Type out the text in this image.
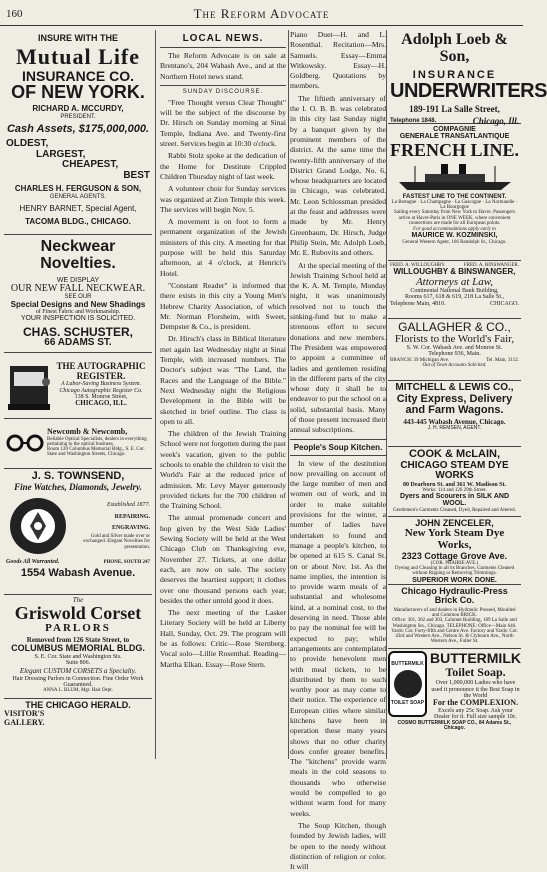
160	The Reform Advocate
INSURE WITH THE
Mutual Life
INSURANCE CO.
OF NEW YORK.
RICHARD A. MCCURDY,
PRESIDENT.
Cash Assets, $175,000,000.
OLDEST,
LARGEST,
CHEAPEST,
BEST
CHARLES H. FERGUSON & SON,
GENERAL AGENTS.
HENRY BARNET, Special Agent,
TACOMA BLDG., CHICAGO.
Neckwear Novelties.
WE DISPLAY
OUR NEW FALL NECKWEAR.
SEE OUR
Special Designs and New Shadings
of Finest Fabric and Workmanship.
YOUR INSPECTION IS SOLICITED.
CHAS. SCHUSTER,
66 ADAMS ST.
THE AUTOGRAPHIC
REGISTER.
A Labor-Saving Business System.
Chicago Autographic Register Co.
138 S. Monroe Street,
CHICAGO, ILL.
Newcomb & Newcomb,
Reliable Optical Specialists, dealers in everything pertaining to the optical business.
Room 120 Columbus Memorial Bldg., S. E. Cor. State and Washington Streets, Chicago.
J. S. TOWNSEND,
Fine Watches, Diamonds, Jewelry.
Established 1877.
REPAIRING.
ENGRAVING.
Gold and Silver made over or exchanged. Elegant Novelties for presentation.
Goods All Warranted.	PHONE, SOUTH 247
1554 Wabash Avenue.
The
Griswold Corset
PARLORS
Removed from 126 State Street, to
COLUMBUS MEMORIAL BLDG.
S. E. Cor. State and Washington Sts.
Suite 806.
Elegant CUSTOM CORSETS a Specialty.
Hair Dressing Parlors in Connection. Fine Order Work Guaranteed.
ANNA L. BLUM, Mgr. Hair Dept.
THE CHICAGO HERALD.
VISITOR'S
GALLERY.
LOCAL NEWS.

The Reform Advocate is on sale at Brentano's, 204 Wabash Ave., and at the Northern Hotel news stand.

SUNDAY DISCOURSE.

"Free Thought versus Clear Thought" will be the subject of the discourse by Dr. Hirsch on Sunday morning at Sinai Temple, Indiana Ave. and Twenty-first street. Services begin at 10:30 o'clock.

Rabbi Stolz spoke at the dedication of the Home for Destitute Crippled Children Thursday night of last week.

A volunteer choir for Sunday services was organized at Zion Temple this week. The services will begin Nov. 5.

A movement is on foot to form a permanent organization of the Jewish ministers of this city. A meeting for that purpose will be held this Saturday afternoon, at 4 o'clock, at Henrici's Hotel.

"Constant Reader" is informed that there exists in this city a Young Men's Hebrew Charity Association, of which Mr. Norman Florsheim, with Sweet, Dempster & Co., is president.

Dr. Hirsch's class in Biblical literature met again last Wednesday night at Sinai Temple, with increased numbers. The Doctor's subject was "The Land, the Races and the Language of the Bible." Next Wednesday night the Religious Development in the Bible will be sketched in brief outline. The class is open to all.

The children of the Jewish Training School were not forgotten during the past week's vacation, given to the public schools to enable the children to visit the World's Fair at the reduced price of admission. Mr. Levy Mayer generously provided tickets for the 700 children of the Training School.

The annual promenade concert and hop given by the West Side Ladies' Sewing Society will be held at the West Chicago Club on Thanksgiving eve, November 27. Tickets, at one dollar each, are now on sale. The society deserves the heartiest support; it clothes over one thousand persons each year, besides the other untold good it does.

The next meeting of the Lasker Literary Society will be held at Liberty Hall, Sunday, Oct. 29. The program will be as follows: Critic—Rose Sternberg. Vocal solo—Lillie Rosenthal. Reading—Martha Elkan. Essay—Rose Stern.

Piano Duet—H. and L. Rosenthal. Recitation—Mrs. Samuels. Essay—Emma Witkowsky. Essay—H. Goldberg. Quotations by members.

The fiftieth anniversary of the I. O. B. B. was celebrated in this city last Sunday night by a banquet given by the prominent members of the district. At the same time the twenty-fifth anniversary of the District Grand Lodge, No. 6, whose headquarters are located in Chicago, was celebrated. Mr. Leon Schlossman presided at the feast and addresses were made by Mr. Henry Greenbaum, Dr. Hirsch, Judge Philip Stein, Mr. Adolph Loeb, Mr. E. Rubovits and others.

At the special meeting of the Jewish Training School held at the K. A. M. Temple, Monday night, it was unanimously resolved not to touch the sinking-fund but to make a strenuous effort to secure donations and new members. The President was empowered to appoint a committee of ladies and gentlemen residing in the different parts of the city whose duty it shall be to endeavor to put the school on a solid, substantial basis. Many of those present increased their annual subscriptions.

People's Soup Kitchen.

In view of the destitution now prevailing on account of the large number of men and women out of work, and in order to make suitable provisions for the winter, a number of ladies have undertaken to found and manage a people's kitchen, to be opened at 615 S. Canal St. on or about Nov. 1st. As the name implies, the intention is to provide warm meals of a substantial and wholesome kind, at a nominal cost, to the deserving in need. Those able to pay the nominal fee will be expected to pay; while arrangements are contemplated to provide benevolent men with meal tickets, to be distributed by them to such worthy poor as may come to their notice. The experience of European cities where similar kitchens have been in operation these many years shows that no other charity does confer greater benefits. The "kitchens" provide warm meals in the cold seasons to thousands who otherwise would be compelled to go without warm food for many weeks.

The Soup Kitchen, though founded by Jewish ladies, will be open to the needy without distinction of religion or color. It will

Adolph Loeb & Son,
INSURANCE
UNDERWRITERS
189-191 La Salle Street,
Telephone 1848.	Chicago, Ill.
COMPAGNIE
GENERALE TRANSATLANTIQUE
FRENCH LINE.
FASTEST LINE TO THE CONTINENT.
La Bretagne · La Champagne · La Gascogne · La Normandie · La Bourgogne
Sailing every Saturday from New York to Havre. Passengers arrive at Havre-Paris in ONE WEEK, where convenient connections are made for all European points.
For good accommodations apply early to
MAURICE W. KOZMINSKI,
General Western Agent, 166 Randolph St., Chicago.
FRED. A. WILLOUGHBY.	FRED. A. BINSWANGER.
WILLOUGHBY & BINSWANGER,
Attorneys at Law,
Continental National Bank Building,
Rooms 617, 618 & 619, 218 La Salle St.,
Telephone Main, 4810.	CHICAGO.
GALLAGHER & CO.,
Florists to the World's Fair,
S. W. Cor. Wabash Ave. and Monroe St.
Telephone 936, Main.
BRANCH: 39 Michigan Ave.	Tel. Main, 3112.
Out of Town Accounts Solicited.
MITCHELL & LEWIS CO.,
City Express, Delivery and Farm Wagons.
443-445 Wabash Avenue, Chicago.
J. H. REMSEN, AGENT.
COOK & McLAIN,
CHICAGO STEAM DYE WORKS
80 Dearborn St. and 361 W. Madison St.
Works: 114 and 126 29th Street.
Dyers and Scourers in SILK AND WOOL.
Gentlemen's Garments Cleaned, Dyed, Repaired and Altered.
JOHN ZENCELER,
New York Steam Dye Works,
2323 Cottage Grove Ave.
(COR. PRAIRIE AVE.)
Dyeing and Cleaning in all its Branches. Garments Cleaned without Ripping or Removing Trimmings.
SUPERIOR WORK DONE.
Chicago Hydraulic-Press Brick Co.
Manufacturers of and dealers in Hydraulic Pressed, Moulded and Common BRICK.
Office: 301, 302 and 303, Calumet Building, 189 La Salle and Washington Sts., Chicago. TELEPHONE: Office—Main 646.
Yards: Cor. Forty-fifth and Centre Ave. Factory and Yards: Cor. 43rd and Western Ave., Nelson St. & Clybourn Ave., North Western Ave., Fuller St.
BUTTERMILK
TOILET SOAP
BUTTERMILK
Toilet Soap.
Over 1,000,000 Ladies who have used it pronounce it the Best Soap in the World
For the COMPLEXION.
Excels any 25c Soap. Ask your Dealer for it. Full size sample 10c.
COSMO BUTTERMILK SOAP CO., 84 Adams St., Chicago.
